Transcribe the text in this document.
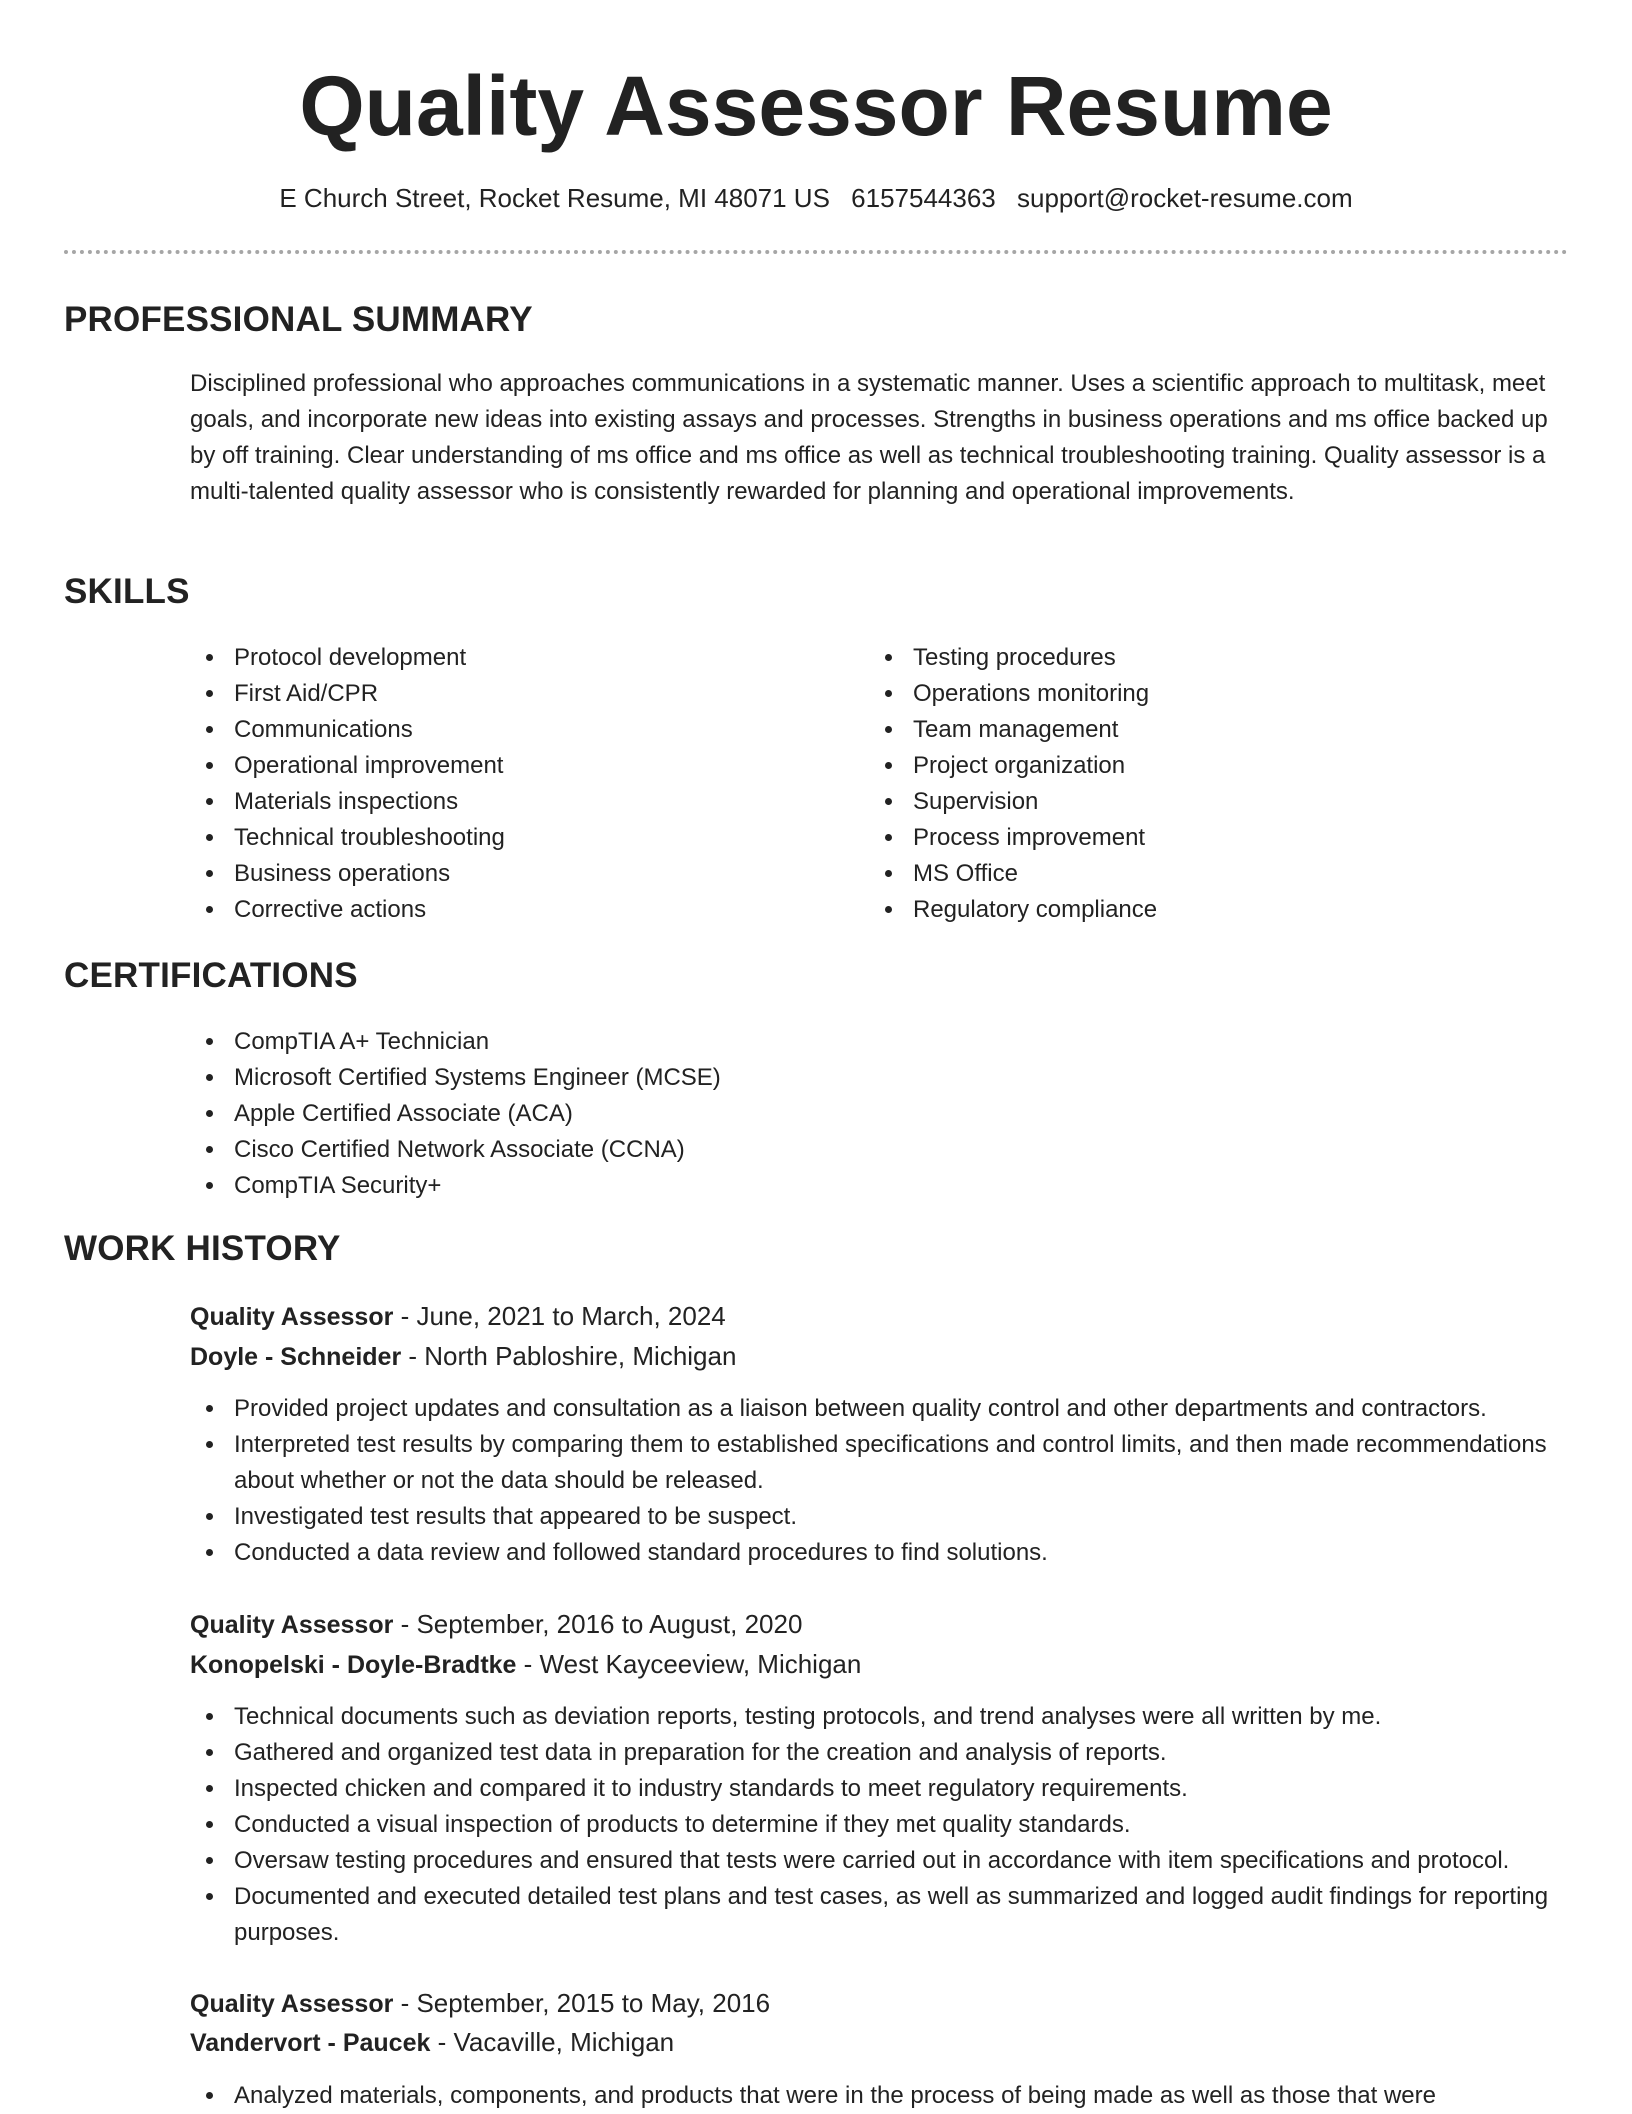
Quality Assessor Resume
E Church Street, Rocket Resume, MI 48071 US 6157544363 support@rocket-resume.com
PROFESSIONAL SUMMARY

Disciplined professional who approaches communications in a systematic manner. Uses a scientific approach to multitask, meet goals, and incorporate new ideas into existing assays and processes. Strengths in business operations and ms office backed up by off training. Clear understanding of ms office and ms office as well as technical troubleshooting training. Quality assessor is a multi-talented quality assessor who is consistently rewarded for planning and operational improvements.

SKILLS
Protocol development
First Aid/CPR
Communications
Operational improvement
Materials inspections
Technical troubleshooting
Business operations
Corrective actions
Testing procedures
Operations monitoring
Team management
Project organization
Supervision
Process improvement
MS Office
Regulatory compliance
CERTIFICATIONS
CompTIA A+ Technician
Microsoft Certified Systems Engineer (MCSE)
Apple Certified Associate (ACA)
Cisco Certified Network Associate (CCNA)
CompTIA Security+
WORK HISTORY
Quality Assessor - June, 2021 to March, 2024
Doyle - Schneider - North Pabloshire, Michigan
Provided project updates and consultation as a liaison between quality control and other departments and contractors.
Interpreted test results by comparing them to established specifications and control limits, and then made recommendations about whether or not the data should be released.
Investigated test results that appeared to be suspect.
Conducted a data review and followed standard procedures to find solutions.
Quality Assessor - September, 2016 to August, 2020
Konopelski - Doyle-Bradtke - West Kayceeview, Michigan
Technical documents such as deviation reports, testing protocols, and trend analyses were all written by me.
Gathered and organized test data in preparation for the creation and analysis of reports.
Inspected chicken and compared it to industry standards to meet regulatory requirements.
Conducted a visual inspection of products to determine if they met quality standards.
Oversaw testing procedures and ensured that tests were carried out in accordance with item specifications and protocol.
Documented and executed detailed test plans and test cases, as well as summarized and logged audit findings for reporting purposes.
Quality Assessor - September, 2015 to May, 2016
Vandervort - Paucek - Vacaville, Michigan
Analyzed materials, components, and products that were in the process of being made as well as those that were
